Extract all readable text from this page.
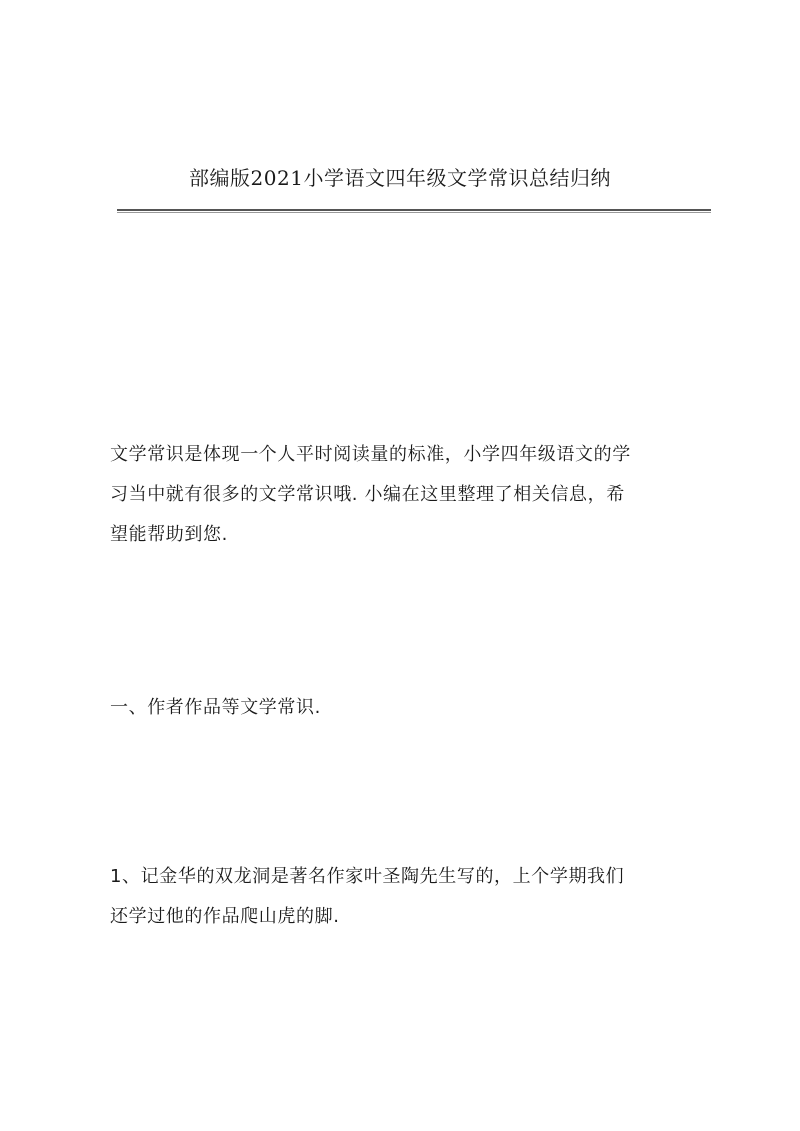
部编版2021小学语文四年级文学常识总结归纳

文学常识是体现一个人平时阅读量的标准，小学四年级语文的学
习当中就有很多的文学常识哦. 小编在这里整理了相关信息，希
望能帮助到您.

一、作者作品等文学常识.

1、记金华的双龙洞是著名作家叶圣陶先生写的，上个学期我们
还学过他的作品爬山虎的脚.
